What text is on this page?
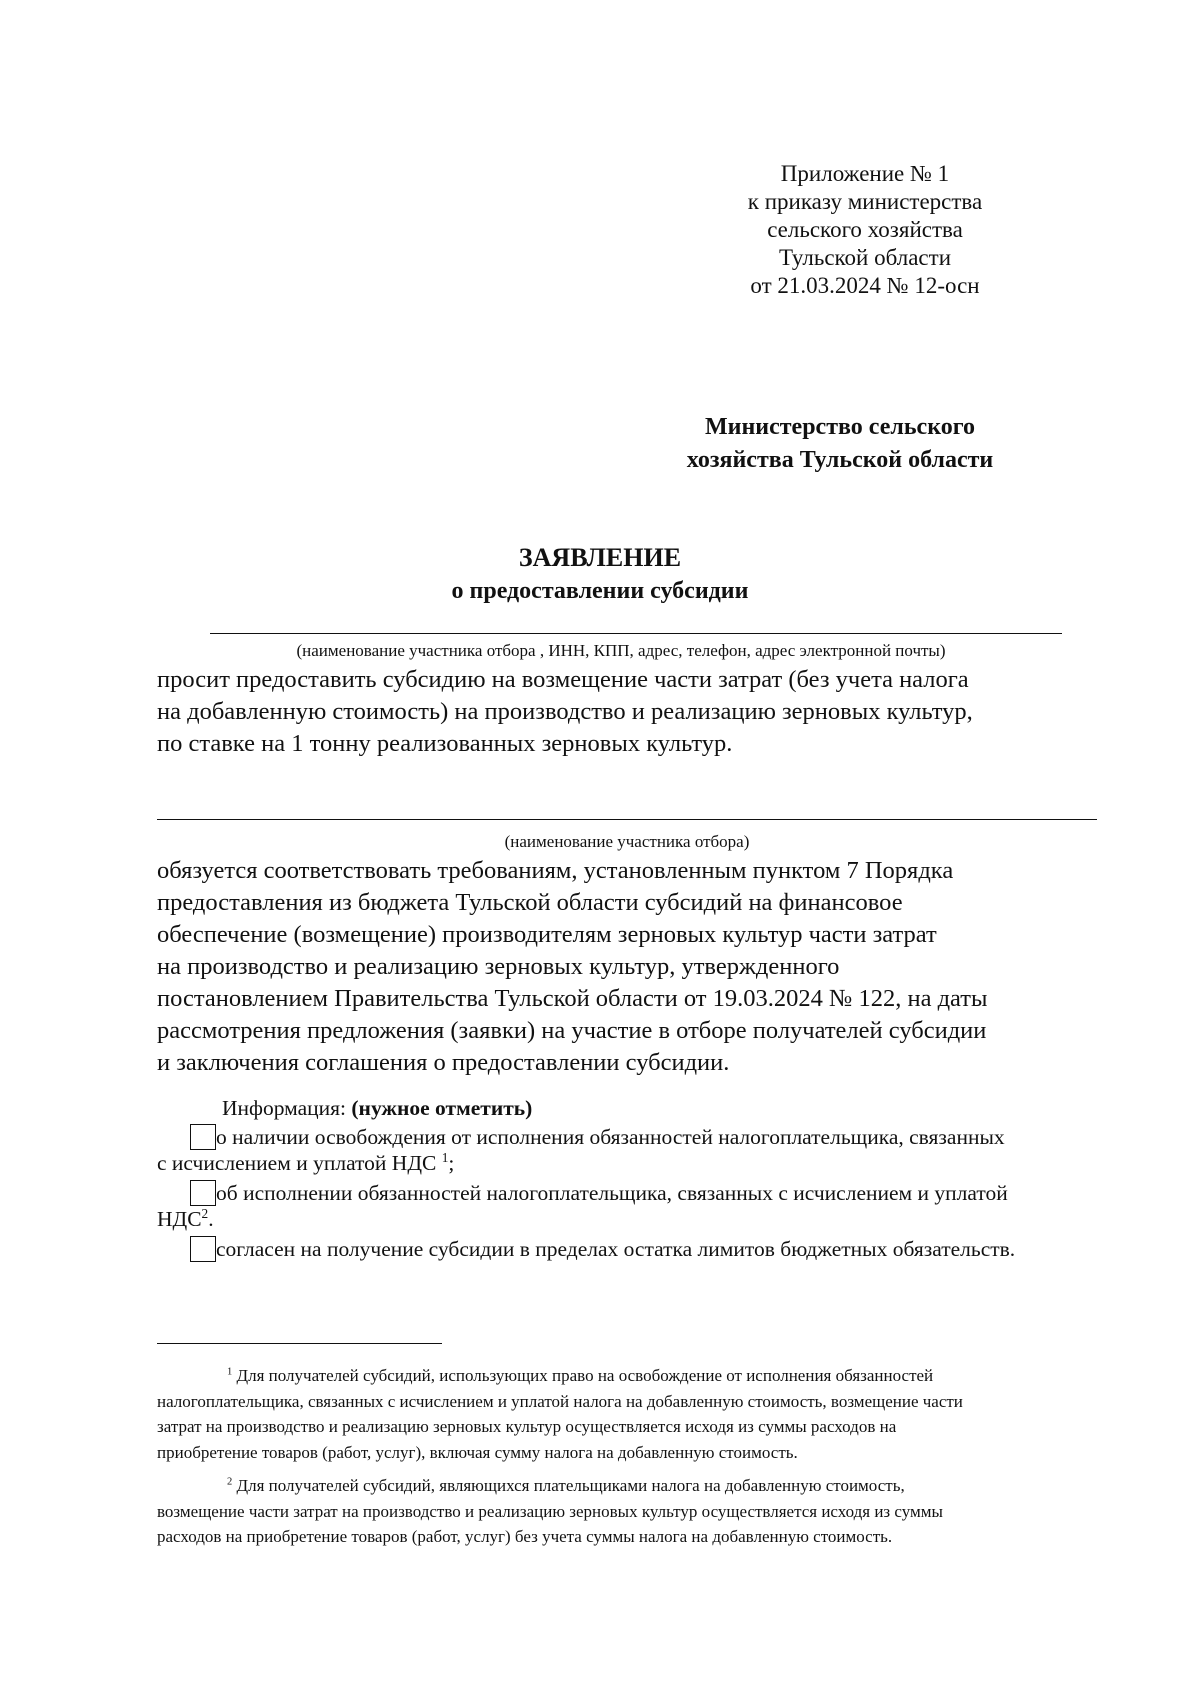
Приложение № 1
к приказу министерства
сельского хозяйства
Тульской области
от 21.03.2024 № 12-осн
Министерство сельского
хозяйства Тульской области
ЗАЯВЛЕНИЕ
о предоставлении субсидии
(наименование участника отбора , ИНН, КПП, адрес, телефон, адрес электронной почты)
просит предоставить субсидию на возмещение части затрат (без учета налога
на добавленную стоимость) на производство и реализацию зерновых культур,
по ставке на 1 тонну реализованных зерновых культур.
(наименование участника отбора)
обязуется соответствовать требованиям, установленным пунктом 7 Порядка
предоставления из бюджета Тульской области субсидий на финансовое
обеспечение (возмещение) производителям зерновых культур части затрат
на производство и реализацию зерновых культур, утвержденного
постановлением Правительства Тульской области от 19.03.2024 № 122, на даты
рассмотрения предложения (заявки) на участие в отборе получателей субсидии
и заключения соглашения о предоставлении субсидии.
Информация: (нужное отметить)
о наличии освобождения от исполнения обязанностей налогоплательщика, связанных
с исчислением и уплатой НДС $^1$;
об исполнении обязанностей налогоплательщика, связанных с исчислением и уплатой
НДС$^2$.
согласен на получение субсидии в пределах остатка лимитов бюджетных обязательств.
$^1$ Для получателей субсидий, использующих право на освобождение от исполнения обязанностей
налогоплательщика, связанных с исчислением и уплатой налога на добавленную стоимость, возмещение части
затрат на производство и реализацию зерновых культур осуществляется исходя из суммы расходов на
приобретение товаров (работ, услуг), включая сумму налога на добавленную стоимость.
$^2$ Для получателей субсидий, являющихся плательщиками налога на добавленную стоимость,
возмещение части затрат на производство и реализацию зерновых культур осуществляется исходя из суммы
расходов на приобретение товаров (работ, услуг) без учета суммы налога на добавленную стоимость.
